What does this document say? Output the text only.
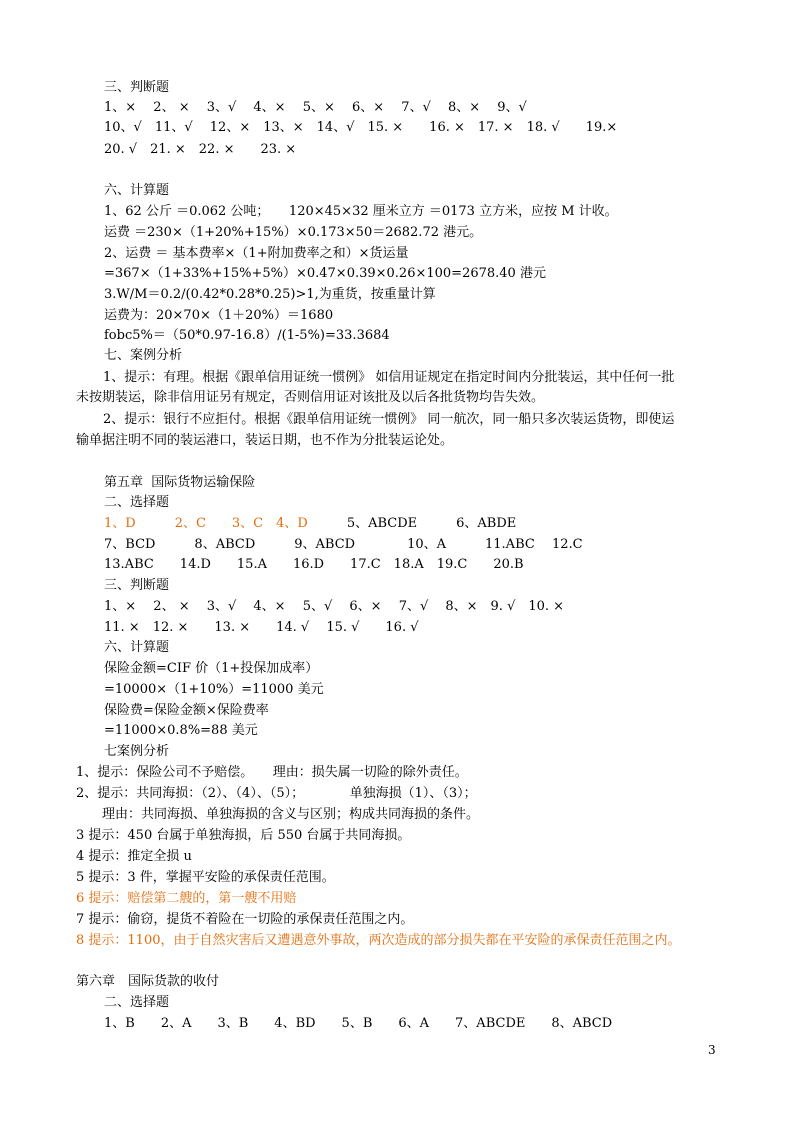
三、判断题
1、×　 2、 ×　 3、√　 4、×　 5、×　 6、×　 7、√　 8、×　 9、√
10、√　11、√　 12、×　13、×　14、√　15. ×　　16. ×　17. ×　18. √　　19.×
20. √　21. ×　22. ×　　23. ×
六、计算题
1、62 公斤 ＝0.062 公吨；　　120×45×32 厘米立方 ＝0173 立方米，应按 M 计收。
运费 ＝230×（1+20%+15%）×0.173×50＝2682.72 港元。
2、运费 ＝ 基本费率×（1+附加费率之和）×货运量
=367×（1+33%+15%+5%）×0.47×0.39×0.26×100=2678.40 港元
3.W/M＝0.2/(0.42*0.28*0.25)>1,为重货，按重量计算
运费为：20×70×（1＋20%）＝1680
fobc5%＝（50*0.97-16.8）/(1-5%)=33.3684
七、案例分析
　1、提示：有理。根据《跟单信用证统一惯例》 如信用证规定在指定时间内分批装运，其中任何一批
未按期装运，除非信用证另有规定，否则信用证对该批及以后各批货物均告失效。
　2、提示：银行不应拒付。根据《跟单信用证统一惯例》 同一航次，同一船只多次装运货物，即使运
输单据注明不同的装运港口，装运日期，也不作为分批装运论处。
第五章  国际货物运输保险
二、选择题
1、D　　　2、C　　3、C　4、D　　　5、ABCDE　　　6、ABDE
7、BCD　　　8、ABCD　　　9、ABCD　　　　10、A　　　11.ABC　 12.C
13.ABC　　14.D　　15.A　　16.D　　17.C　18.A　19.C　　20.B
三、判断题
1、×　 2、 ×　 3、√　 4、×　 5、√　 6、×　 7、√　 8、×　9. √　10. ×
11. ×　12. ×　　13. ×　　14. √　 15. √　　16. √
六、计算题
保险金额=CIF 价（1+投保加成率）
=10000×（1+10%）=11000 美元
保险费=保险金额×保险费率
=11000×0.8%=88 美元
七案例分析
1、提示：保险公司不予赔偿。　　理由：损失属一切险的除外责任。
2、提示：共同海损：（2）、（4）、（5）；　　　　单独海损（1）、（3）；
　　理由：共同海损、单独海损的含义与区别；构成共同海损的条件。
3 提示：450 台属于单独海损，后 550 台属于共同海损。
4 提示：推定全损 u
5 提示：3 件，掌握平安险的承保责任范围。
6 提示：赔偿第二艘的，第一艘不用赔
7 提示：偷窃，提货不着险在一切险的承保责任范围之内。
8 提示：1100，由于自然灾害后又遭遇意外事故，两次造成的部分损失都在平安险的承保责任范围之内。
第六章　国际货款的收付
二、选择题
1、B　　2、A　　3、B　　4、BD　　5、B　　6、A　　7、ABCDE　　8、ABCD
3
